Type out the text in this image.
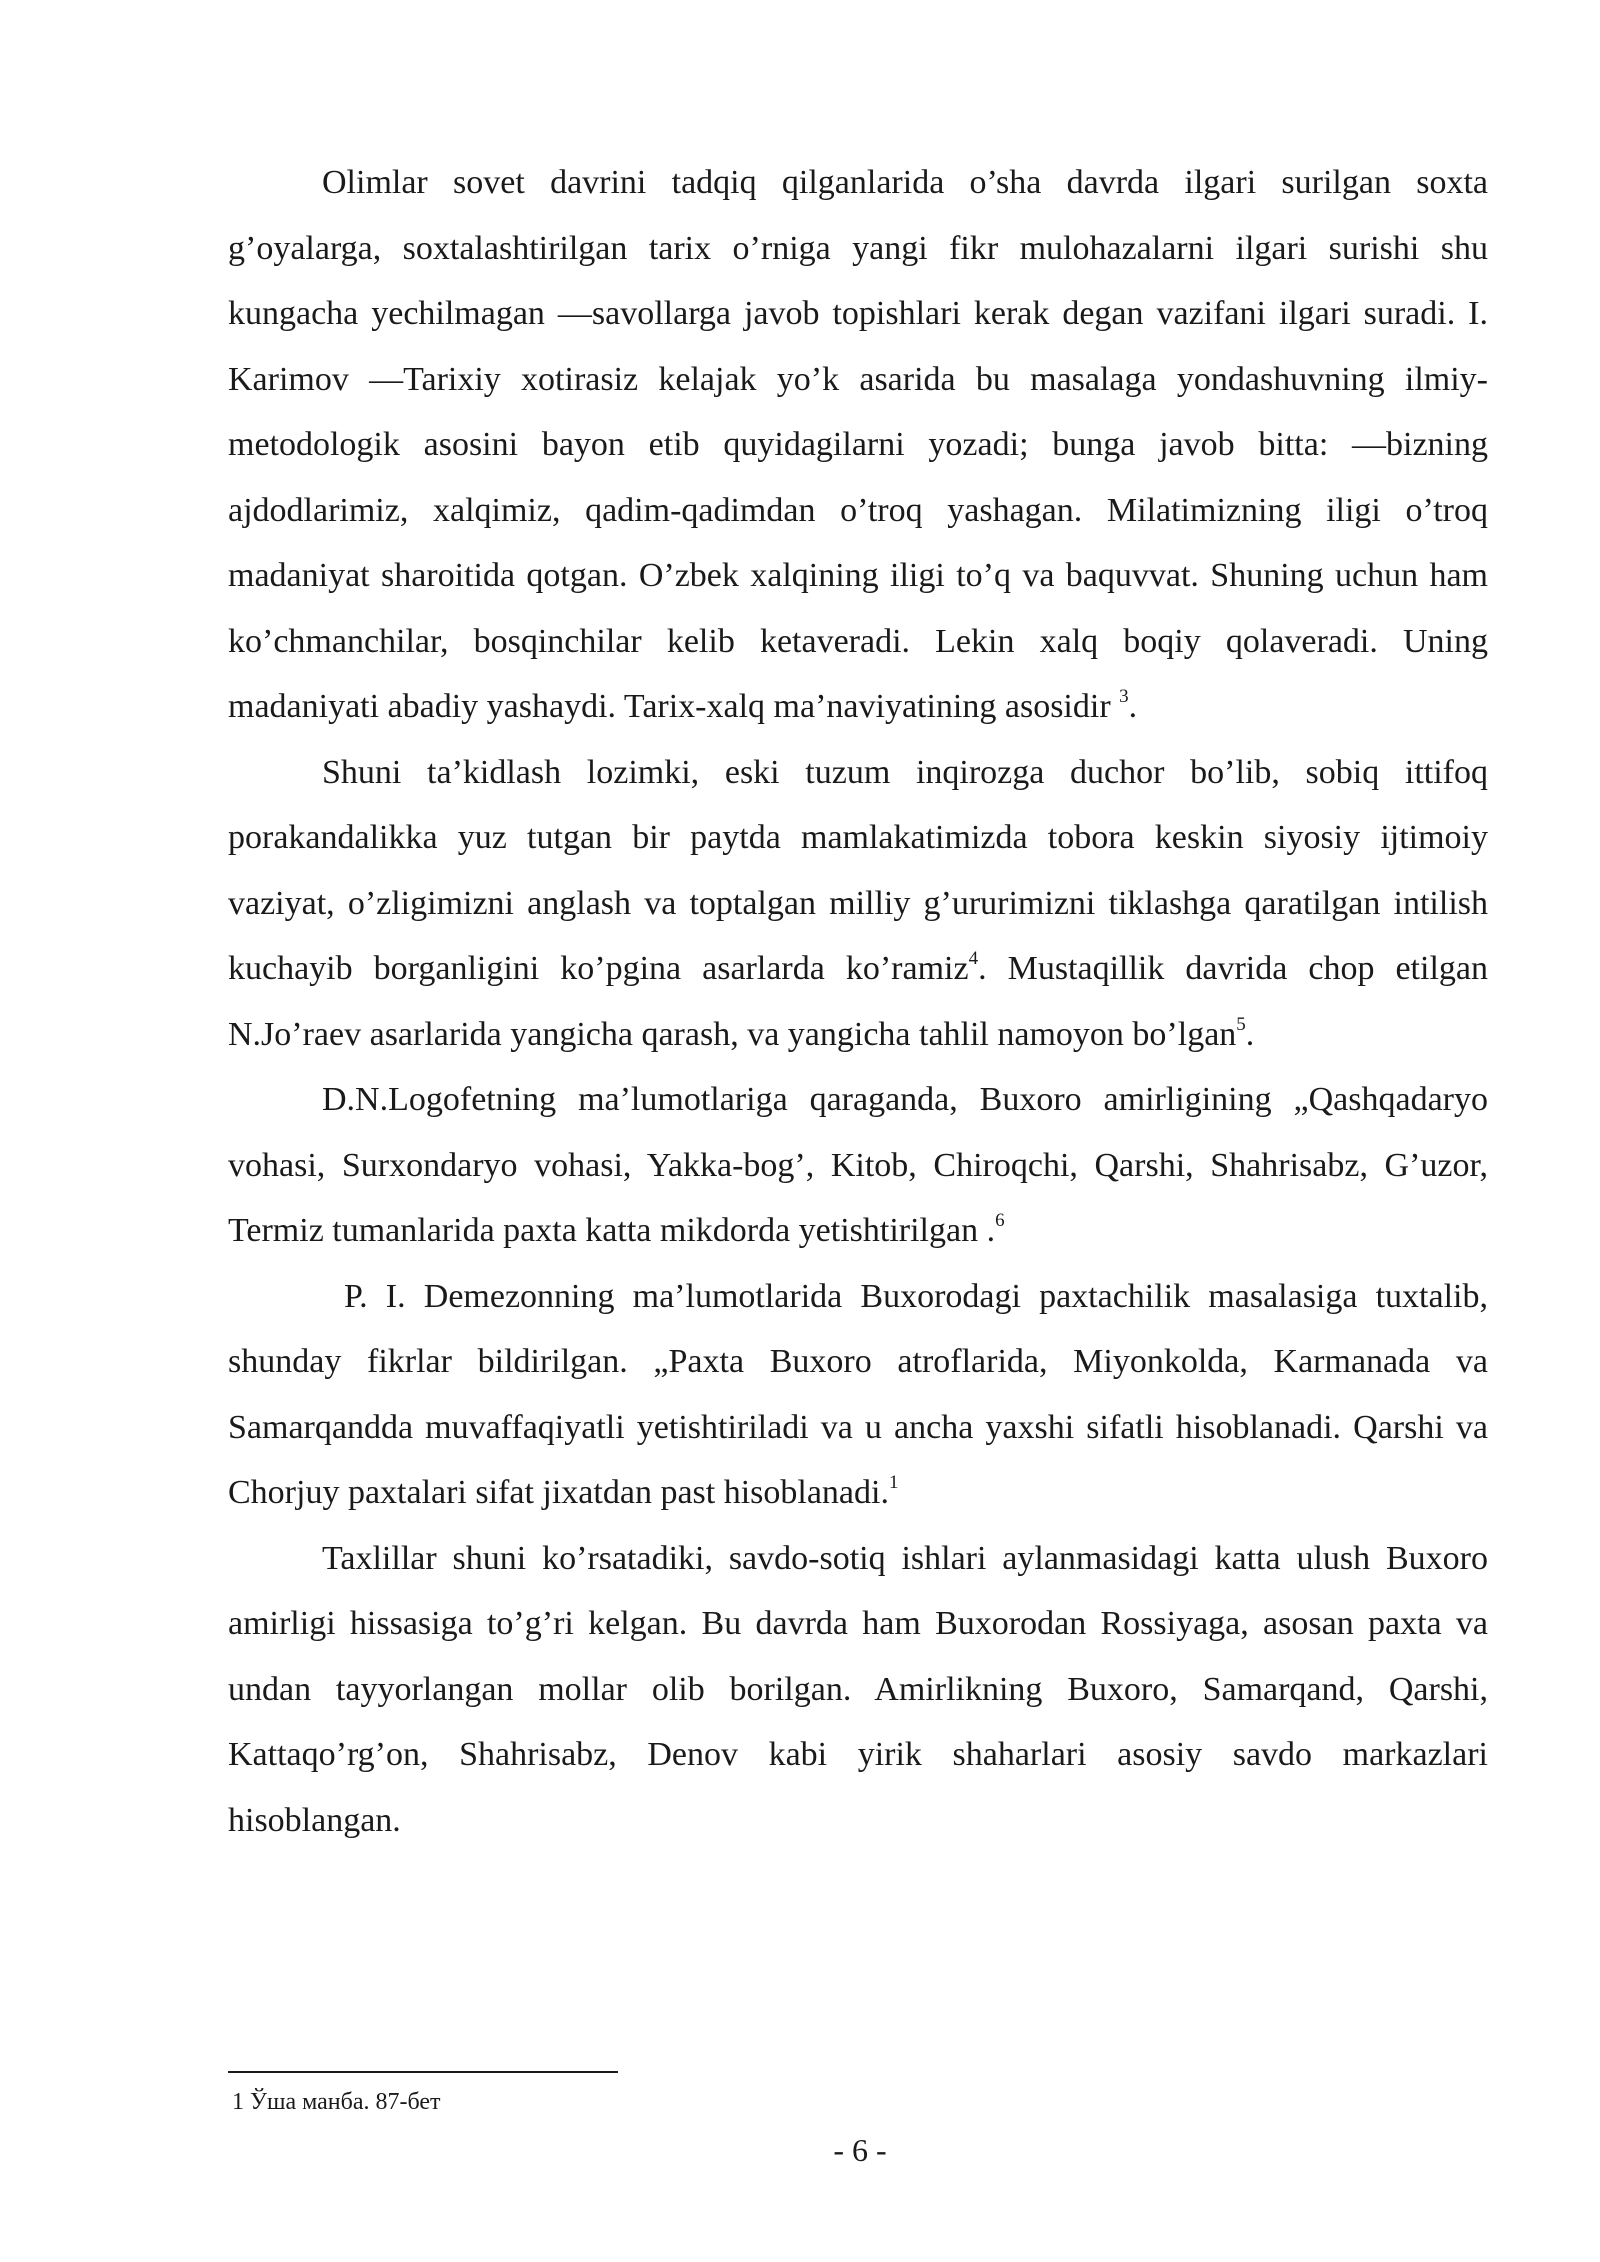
Olimlar sovet davrini tadqiq qilganlarida o’sha davrda ilgari surilgan soxta g’oyalarga, soxtalashtirilgan tarix o’rniga yangi fikr mulohazalarni ilgari surishi shu kungacha yechilmagan ―savollarga javob topishlari kerak degan vazifani ilgari suradi. I. Karimov ―Tarixiy xotirasiz kelajak yo’k asarida bu masalaga yondashuvning ilmiy-metodologik asosini bayon etib quyidagilarni yozadi; bunga javob bitta: ―bizning ajdodlarimiz, xalqimiz, qadim-qadimdan o’troq yashagan. Milatimizning iligi o’troq madaniyat sharoitida qotgan. O’zbek xalqining iligi to’q va baquvvat. Shuning uchun ham ko’chmanchilar, bosqinchilar kelib ketaveradi. Lekin xalq boqiy qolaveradi. Uning madaniyati abadiy yashaydi. Tarix-xalq ma’naviyatining asosidir $^3$.

Shuni ta’kidlash lozimki, eski tuzum inqirozga duchor bo’lib, sobiq ittifoq porakandalikka yuz tutgan bir paytda mamlakatimizda tobora keskin siyosiy ijtimoiy vaziyat, o’zligimizni anglash va toptalgan milliy g’ururimizni tiklashga qaratilgan intilish kuchayib borganligini ko’pgina asarlarda ko’ramiz$^4$. Mustaqillik davrida chop etilgan N.Jo’raev asarlarida yangicha qarash, va yangicha tahlil namoyon bo’lgan$^5$.

D.N.Logofetning ma’lumotlariga qaraganda, Buxoro amirligining „Qashqadaryo vohasi, Surxondaryo vohasi, Yakka-bog’, Kitob, Chiroqchi, Qarshi, Shahrisabz, G’uzor, Termiz tumanlarida paxta katta mikdorda yetishtirilgan .$^6$

P. I. Demezonning ma’lumotlarida Buxorodagi paxtachilik masalasiga tuxtalib, shunday fikrlar bildirilgan. „Paxta Buxoro atroflarida, Miyonkolda, Karmanada va Samarqandda muvaffaqiyatli yetishtiriladi va u ancha yaxshi sifatli hisoblanadi. Qarshi va Chorjuy paxtalari sifat jixatdan past hisoblanadi.$^1$

Taxlillar shuni ko’rsatadiki, savdo-sotiq ishlari aylanmasidagi katta ulush Buxoro amirligi hissasiga to’g’ri kelgan. Bu davrda ham Buxorodan Rossiyaga, asosan paxta va undan tayyorlangan mollar olib borilgan. Amirlikning Buxoro, Samarqand, Qarshi, Kattaqo’rg’on, Shahrisabz, Denov kabi yirik shaharlari asosiy savdo markazlari hisoblangan.

1 Ўша манба. 87-бет
- 6 -
